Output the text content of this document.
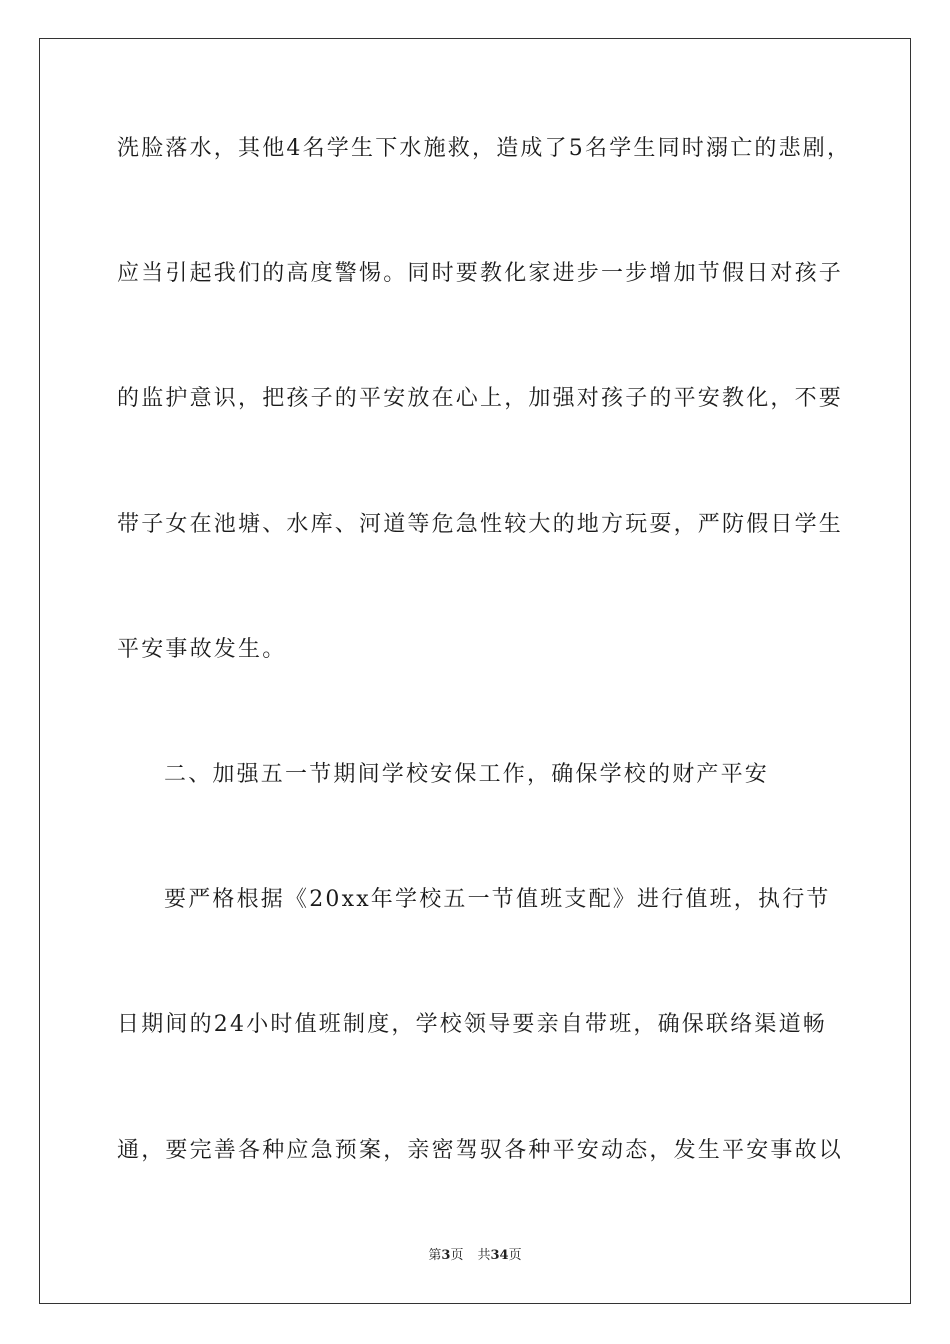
洗脸落水，其他4名学生下水施救，造成了5名学生同时溺亡的悲剧，
应当引起我们的高度警惕。同时要教化家进步一步增加节假日对孩子
的监护意识，把孩子的平安放在心上，加强对孩子的平安教化，不要
带子女在池塘、水库、河道等危急性较大的地方玩耍，严防假日学生
平安事故发生。
二、加强五一节期间学校安保工作，确保学校的财产平安
要严格根据《20xx年学校五一节值班支配》进行值班，执行节
日期间的24小时值班制度，学校领导要亲自带班，确保联络渠道畅
通，要完善各种应急预案，亲密驾驭各种平安动态，发生平安事故以
第3页 共34页
